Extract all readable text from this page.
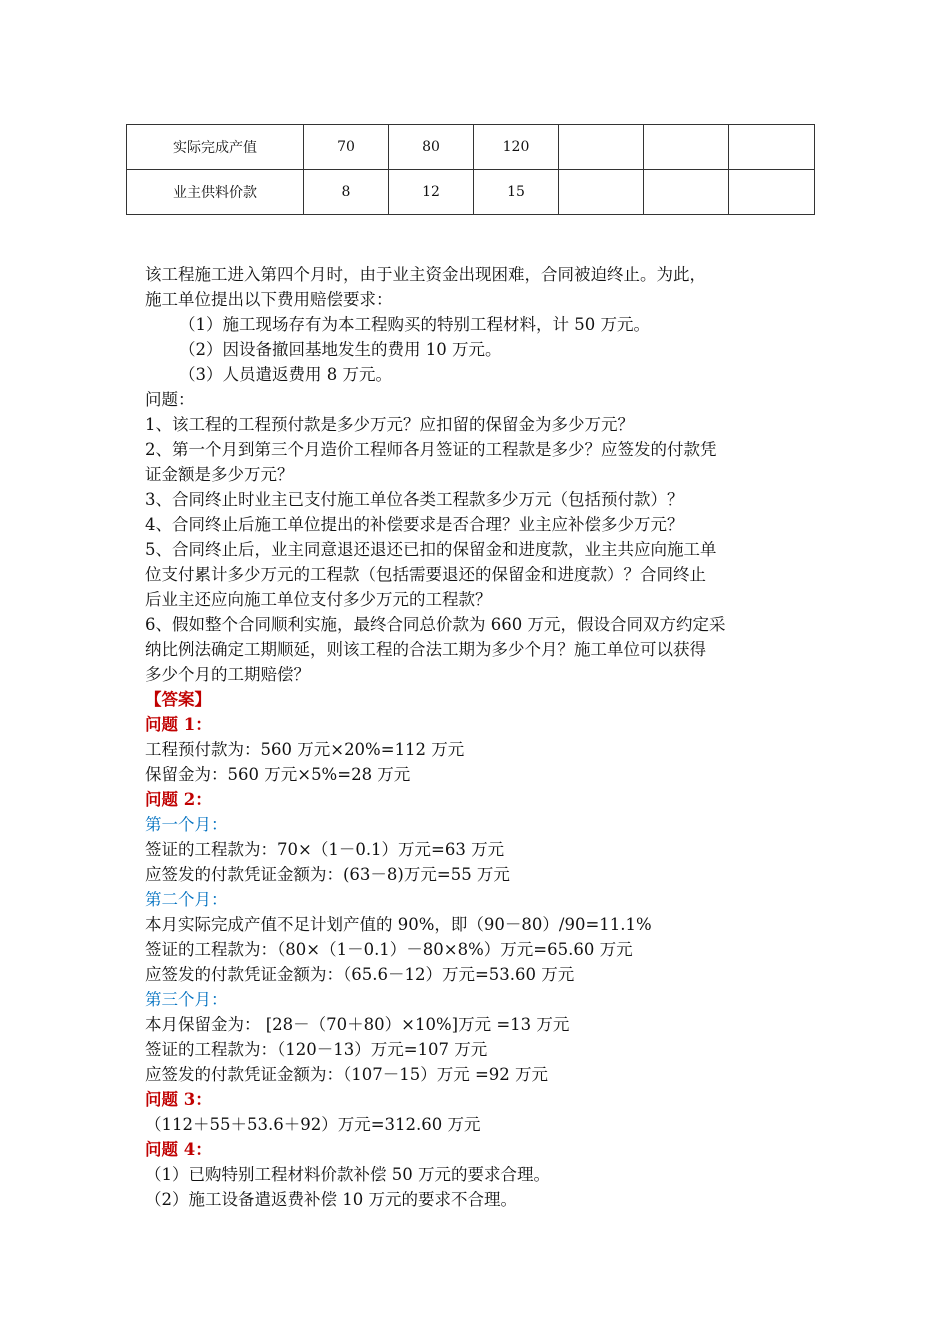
实际完成产值	70	80	120			
业主供料价款	8	12	15			

该工程施工进入第四个月时，由于业主资金出现困难，合同被迫终止。为此，

施工单位提出以下费用赔偿要求：

（1）施工现场存有为本工程购买的特别工程材料，计 50 万元。

（2）因设备撤回基地发生的费用 10 万元。

（3）人员遣返费用 8 万元。

问题：

1、该工程的工程预付款是多少万元？应扣留的保留金为多少万元？

2、第一个月到第三个月造价工程师各月签证的工程款是多少？应签发的付款凭

证金额是多少万元？

3、合同终止时业主已支付施工单位各类工程款多少万元（包括预付款）？

4、合同终止后施工单位提出的补偿要求是否合理？业主应补偿多少万元？

5、合同终止后，业主同意退还退还已扣的保留金和进度款，业主共应向施工单

位支付累计多少万元的工程款（包括需要退还的保留金和进度款）？合同终止

后业主还应向施工单位支付多少万元的工程款？

6、假如整个合同顺利实施，最终合同总价款为 660 万元，假设合同双方约定采

纳比例法确定工期顺延，则该工程的合法工期为多少个月？施工单位可以获得

多少个月的工期赔偿？

【答案】

问题 1：

工程预付款为：560 万元×20%=112 万元

保留金为：560 万元×5%=28 万元

问题 2：

第一个月：

签证的工程款为：70×（1－0.1）万元=63 万元

应签发的付款凭证金额为：(63－8)万元=55 万元

第二个月：

本月实际完成产值不足计划产值的 90%，即（90－80）/90=11.1%

签证的工程款为：（80×（1－0.1）－80×8%）万元=65.60 万元

应签发的付款凭证金额为：（65.6－12）万元=53.60 万元

第三个月：

本月保留金为： [28－（70＋80）×10%]万元 =13 万元

签证的工程款为：（120－13）万元=107 万元

应签发的付款凭证金额为：（107－15）万元 =92 万元

问题 3：

（112＋55＋53.6＋92）万元=312.60 万元

问题 4：

（1）已购特别工程材料价款补偿 50 万元的要求合理。

（2）施工设备遣返费补偿 10 万元的要求不合理。
